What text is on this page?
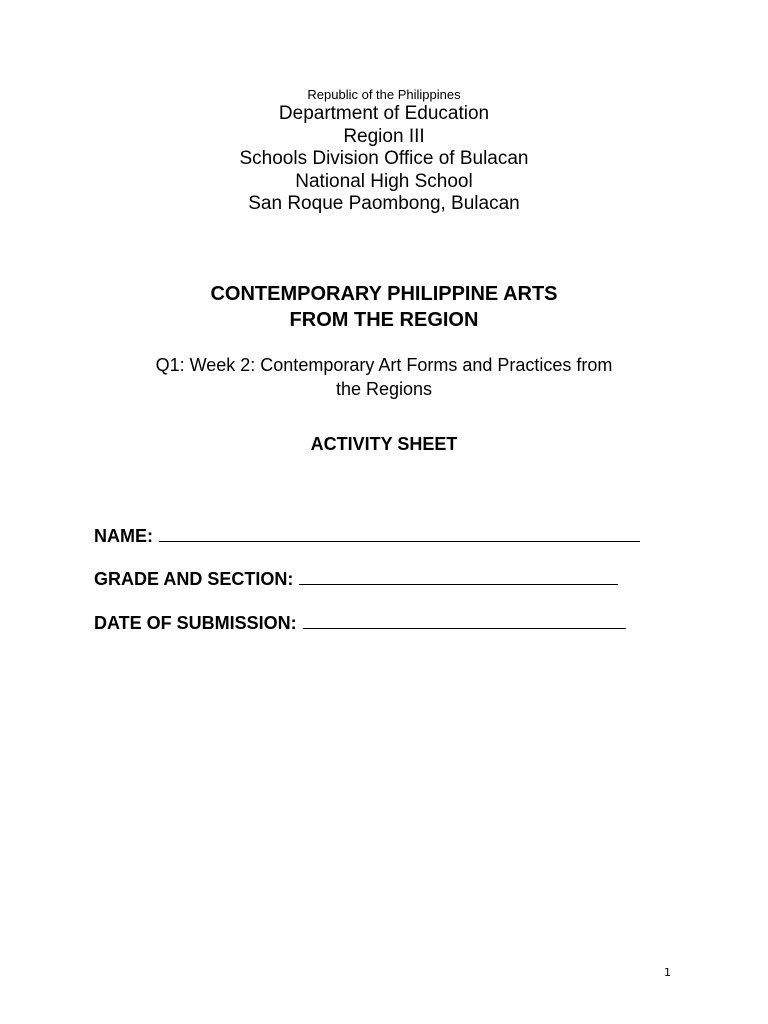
Republic of the Philippines
Department of Education
Region III
Schools Division Office of Bulacan
National High School
San Roque Paombong, Bulacan
CONTEMPORARY PHILIPPINE ARTS
FROM THE REGION
Q1: Week 2: Contemporary Art Forms and Practices from
the Regions
ACTIVITY SHEET
NAME:
GRADE AND SECTION:
DATE OF SUBMISSION:
1
